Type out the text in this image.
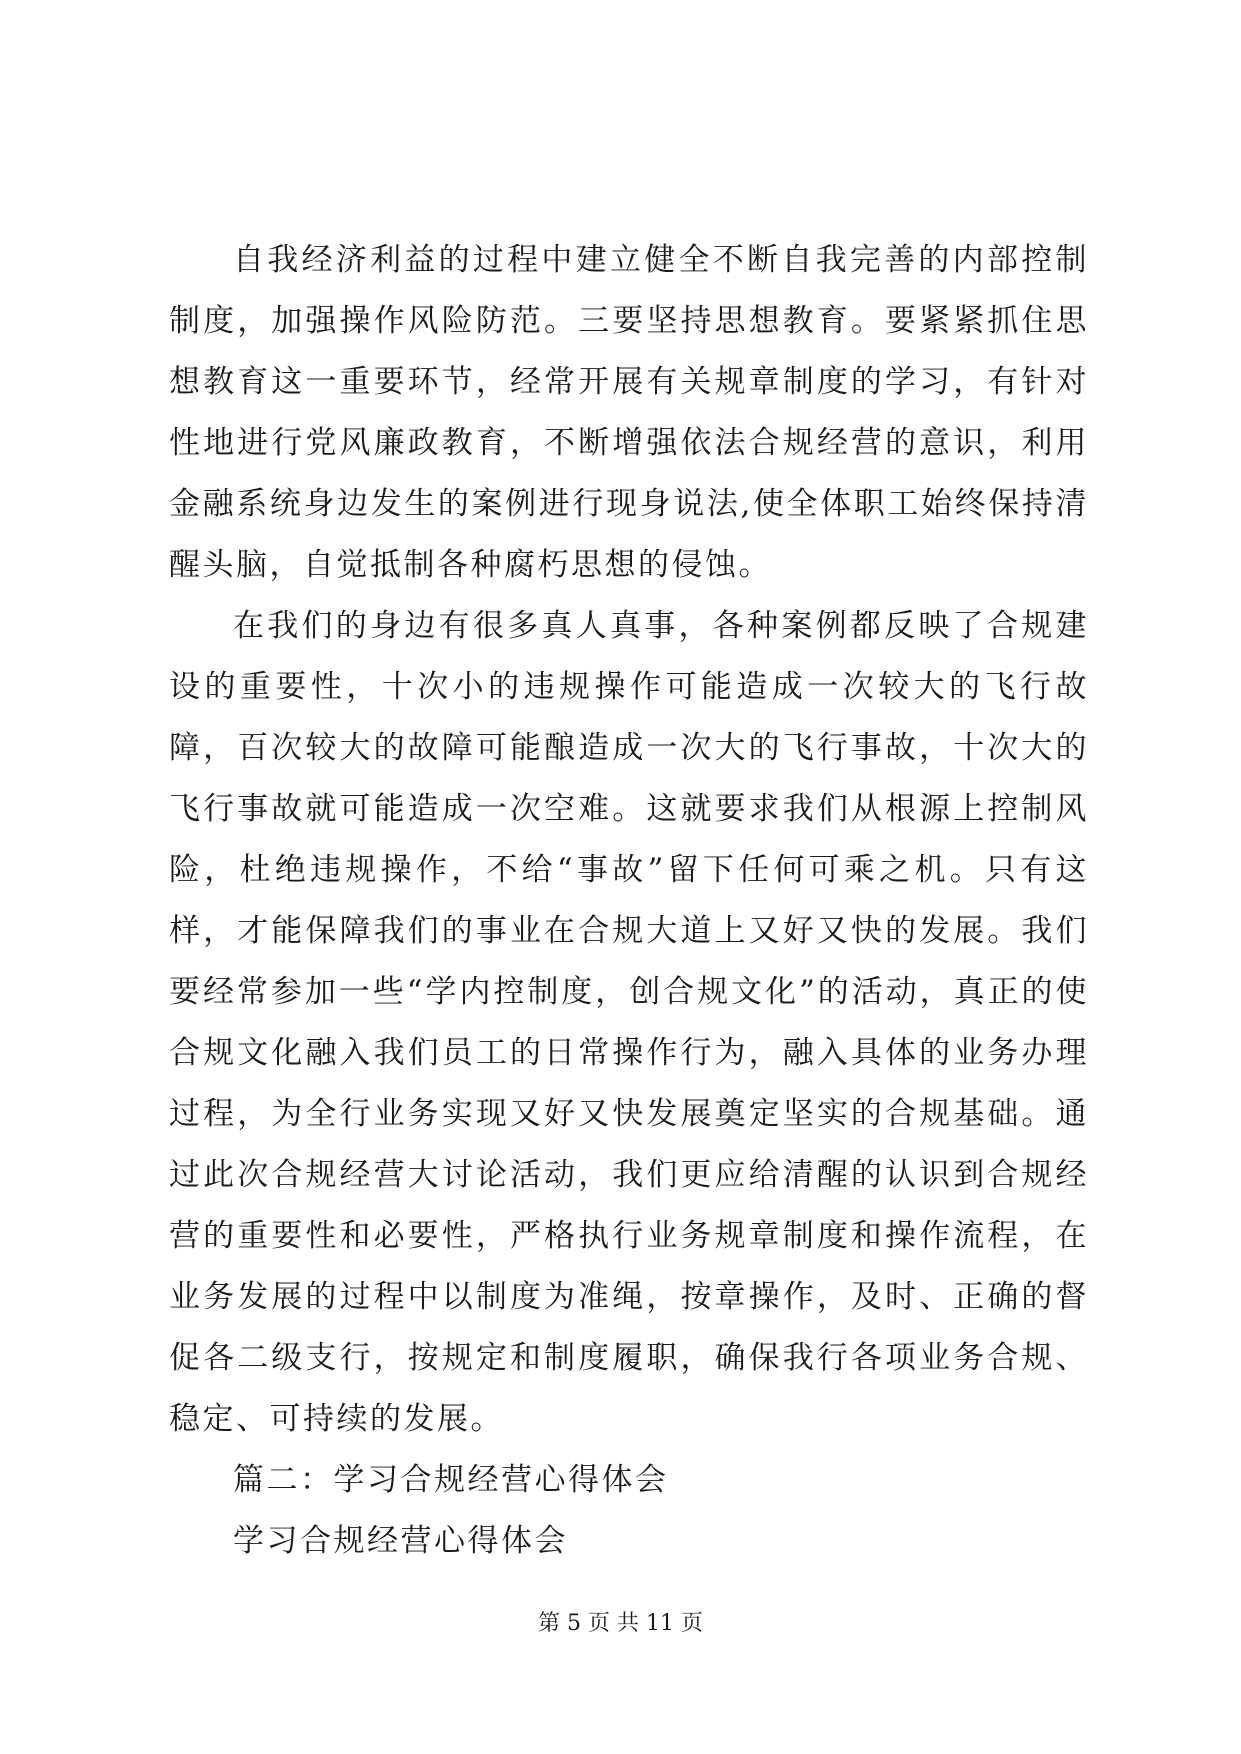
自我经济利益的过程中建立健全不断自我完善的内部控制制度，加强操作风险防范。三要坚持思想教育。要紧紧抓住思想教育这一重要环节，经常开展有关规章制度的学习，有针对性地进行党风廉政教育，不断增强依法合规经营的意识，利用金融系统身边发生的案例进行现身说法,使全体职工始终保持清醒头脑，自觉抵制各种腐朽思想的侵蚀。

在我们的身边有很多真人真事，各种案例都反映了合规建设的重要性，十次小的违规操作可能造成一次较大的飞行故障，百次较大的故障可能酿造成一次大的飞行事故，十次大的飞行事故就可能造成一次空难。这就要求我们从根源上控制风险，杜绝违规操作，不给“事故”留下任何可乘之机。只有这样，才能保障我们的事业在合规大道上又好又快的发展。我们要经常参加一些“学内控制度，创合规文化”的活动，真正的使合规文化融入我们员工的日常操作行为，融入具体的业务办理过程，为全行业务实现又好又快发展奠定坚实的合规基础。通过此次合规经营大讨论活动，我们更应给清醒的认识到合规经营的重要性和必要性，严格执行业务规章制度和操作流程，在业务发展的过程中以制度为准绳，按章操作，及时、正确的督促各二级支行，按规定和制度履职，确保我行各项业务合规、稳定、可持续的发展。

篇二：学习合规经营心得体会

学习合规经营心得体会

第 5 页 共 11 页
